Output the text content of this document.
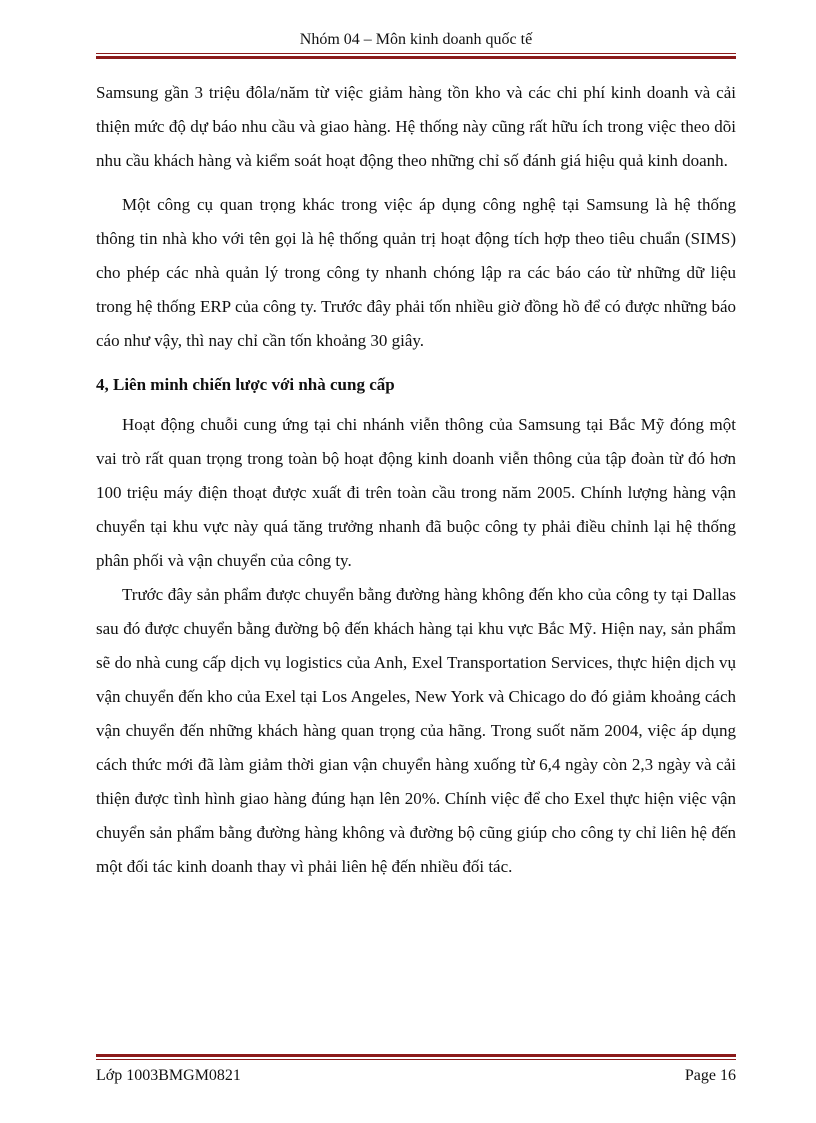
Nhóm 04 – Môn kinh doanh quốc tế

Samsung gần 3 triệu đôla/năm từ việc giảm hàng tồn kho và các chi phí kinh doanh và cải thiện mức độ dự báo nhu cầu và giao hàng. Hệ thống này cũng rất hữu ích trong việc theo dõi nhu cầu khách hàng và kiểm soát hoạt động theo những chỉ số đánh giá hiệu quả kinh doanh.

Một công cụ quan trọng khác trong việc áp dụng công nghệ tại Samsung là hệ thống thông tin nhà kho với tên gọi là hệ thống quản trị hoạt động tích hợp theo tiêu chuẩn (SIMS) cho phép các nhà quản lý trong công ty nhanh chóng lập ra các báo cáo từ những dữ liệu trong hệ thống ERP của công ty. Trước đây phải tốn nhiều giờ đồng hồ để có được những báo cáo như vậy, thì nay chỉ cần tốn khoảng 30 giây.

4, Liên minh chiến lược với nhà cung cấp

Hoạt động chuỗi cung ứng tại chi nhánh viễn thông của Samsung tại Bắc Mỹ đóng một vai trò rất quan trọng trong toàn bộ hoạt động kinh doanh viễn thông của tập đoàn từ đó hơn 100 triệu máy điện thoạt được xuất đi trên toàn cầu trong năm 2005. Chính lượng hàng vận chuyển tại khu vực này quá tăng trưởng nhanh đã buộc công ty phải điều chỉnh lại hệ thống phân phối và vận chuyển của công ty.

Trước đây sản phẩm được chuyển bằng đường hàng không đến kho của công ty tại Dallas sau đó được chuyển bằng đường bộ đến khách hàng tại khu vực Bắc Mỹ. Hiện nay, sản phẩm sẽ do nhà cung cấp dịch vụ logistics của Anh, Exel Transportation Services, thực hiện dịch vụ vận chuyển đến kho của Exel tại Los Angeles, New York và Chicago do đó giảm khoảng cách vận chuyển đến những khách hàng quan trọng của hãng. Trong suốt năm 2004, việc áp dụng cách thức mới đã làm giảm thời gian vận chuyển hàng xuống từ 6,4 ngày còn 2,3 ngày và cải thiện được tình hình giao hàng đúng hạn lên 20%. Chính việc để cho Exel thực hiện việc vận chuyển sản phẩm bằng đường hàng không và đường bộ cũng giúp cho công ty chỉ liên hệ đến một đối tác kinh doanh thay vì phải liên hệ đến nhiều đối tác.

Lớp 1003BMGM0821	Page 16
